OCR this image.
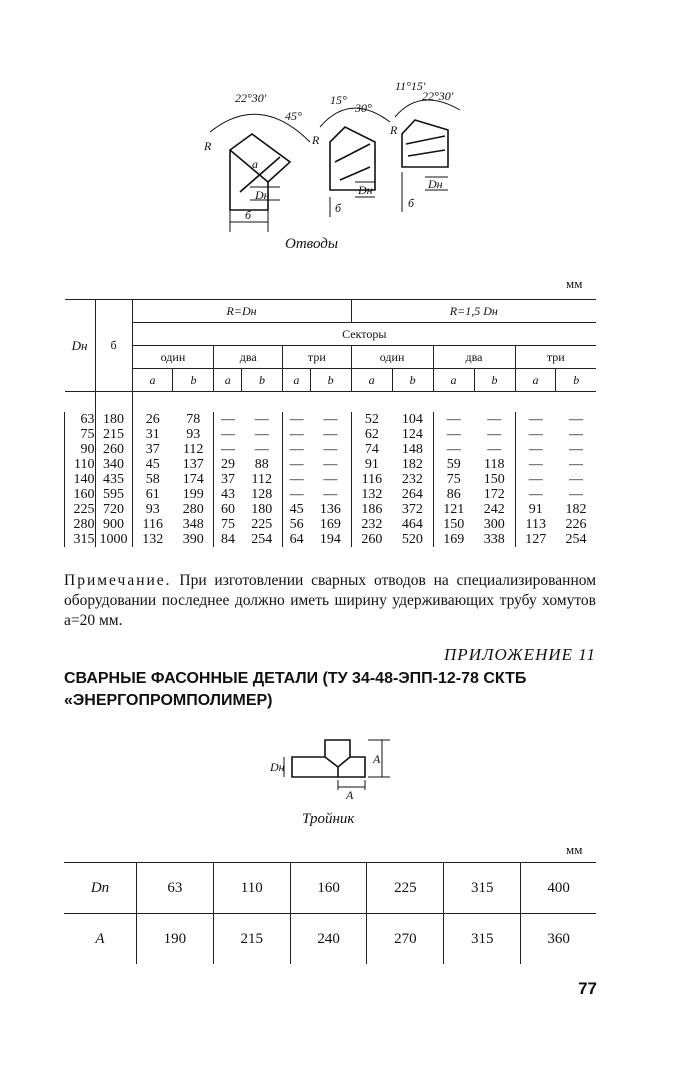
22°30'
45°
15°
30°
11°15'
22°30'
R	R
R
б	б	б
a
Dн	Dн	Dн
Отводы
мм
Dн	б	R=Dн						R=1,5 Dн					
		Секторы											
		один		два		три		один		два		три	
		a	b	a	b	a	b	a	b	a	b	a	b

63	180	26	78	—	—	—	—	52	104	—	—	—	—
75	215	31	93	—	—	—	—	62	124	—	—	—	—
90	260	37	112	—	—	—	—	74	148	—	—	—	—
110	340	45	137	29	88	—	—	91	182	59	118	—	—
140	435	58	174	37	112	—	—	116	232	75	150	—	—
160	595	61	199	43	128	—	—	132	264	86	172	—	—
225	720	93	280	60	180	45	136	186	372	121	242	91	182
280	900	116	348	75	225	56	169	232	464	150	300	113	226
315	1000	132	390	84	254	64	194	260	520	169	338	127	254
Примечание. При изготовлении сварных отводов на специализированном оборудовании последнее должно иметь ширину удерживающих трубу хомутов a=20 мм.
ПРИЛОЖЕНИЕ 11
СВАРНЫЕ ФАСОННЫЕ ДЕТАЛИ (ТУ 34-48-ЭПП-12-78 СКТБ «ЭНЕРГОПРОМПОЛИМЕР)
Dн
A
A
Тройник
мм
Dп	63	110	160	225	315	400
A	190	215	240	270	315	360
77
